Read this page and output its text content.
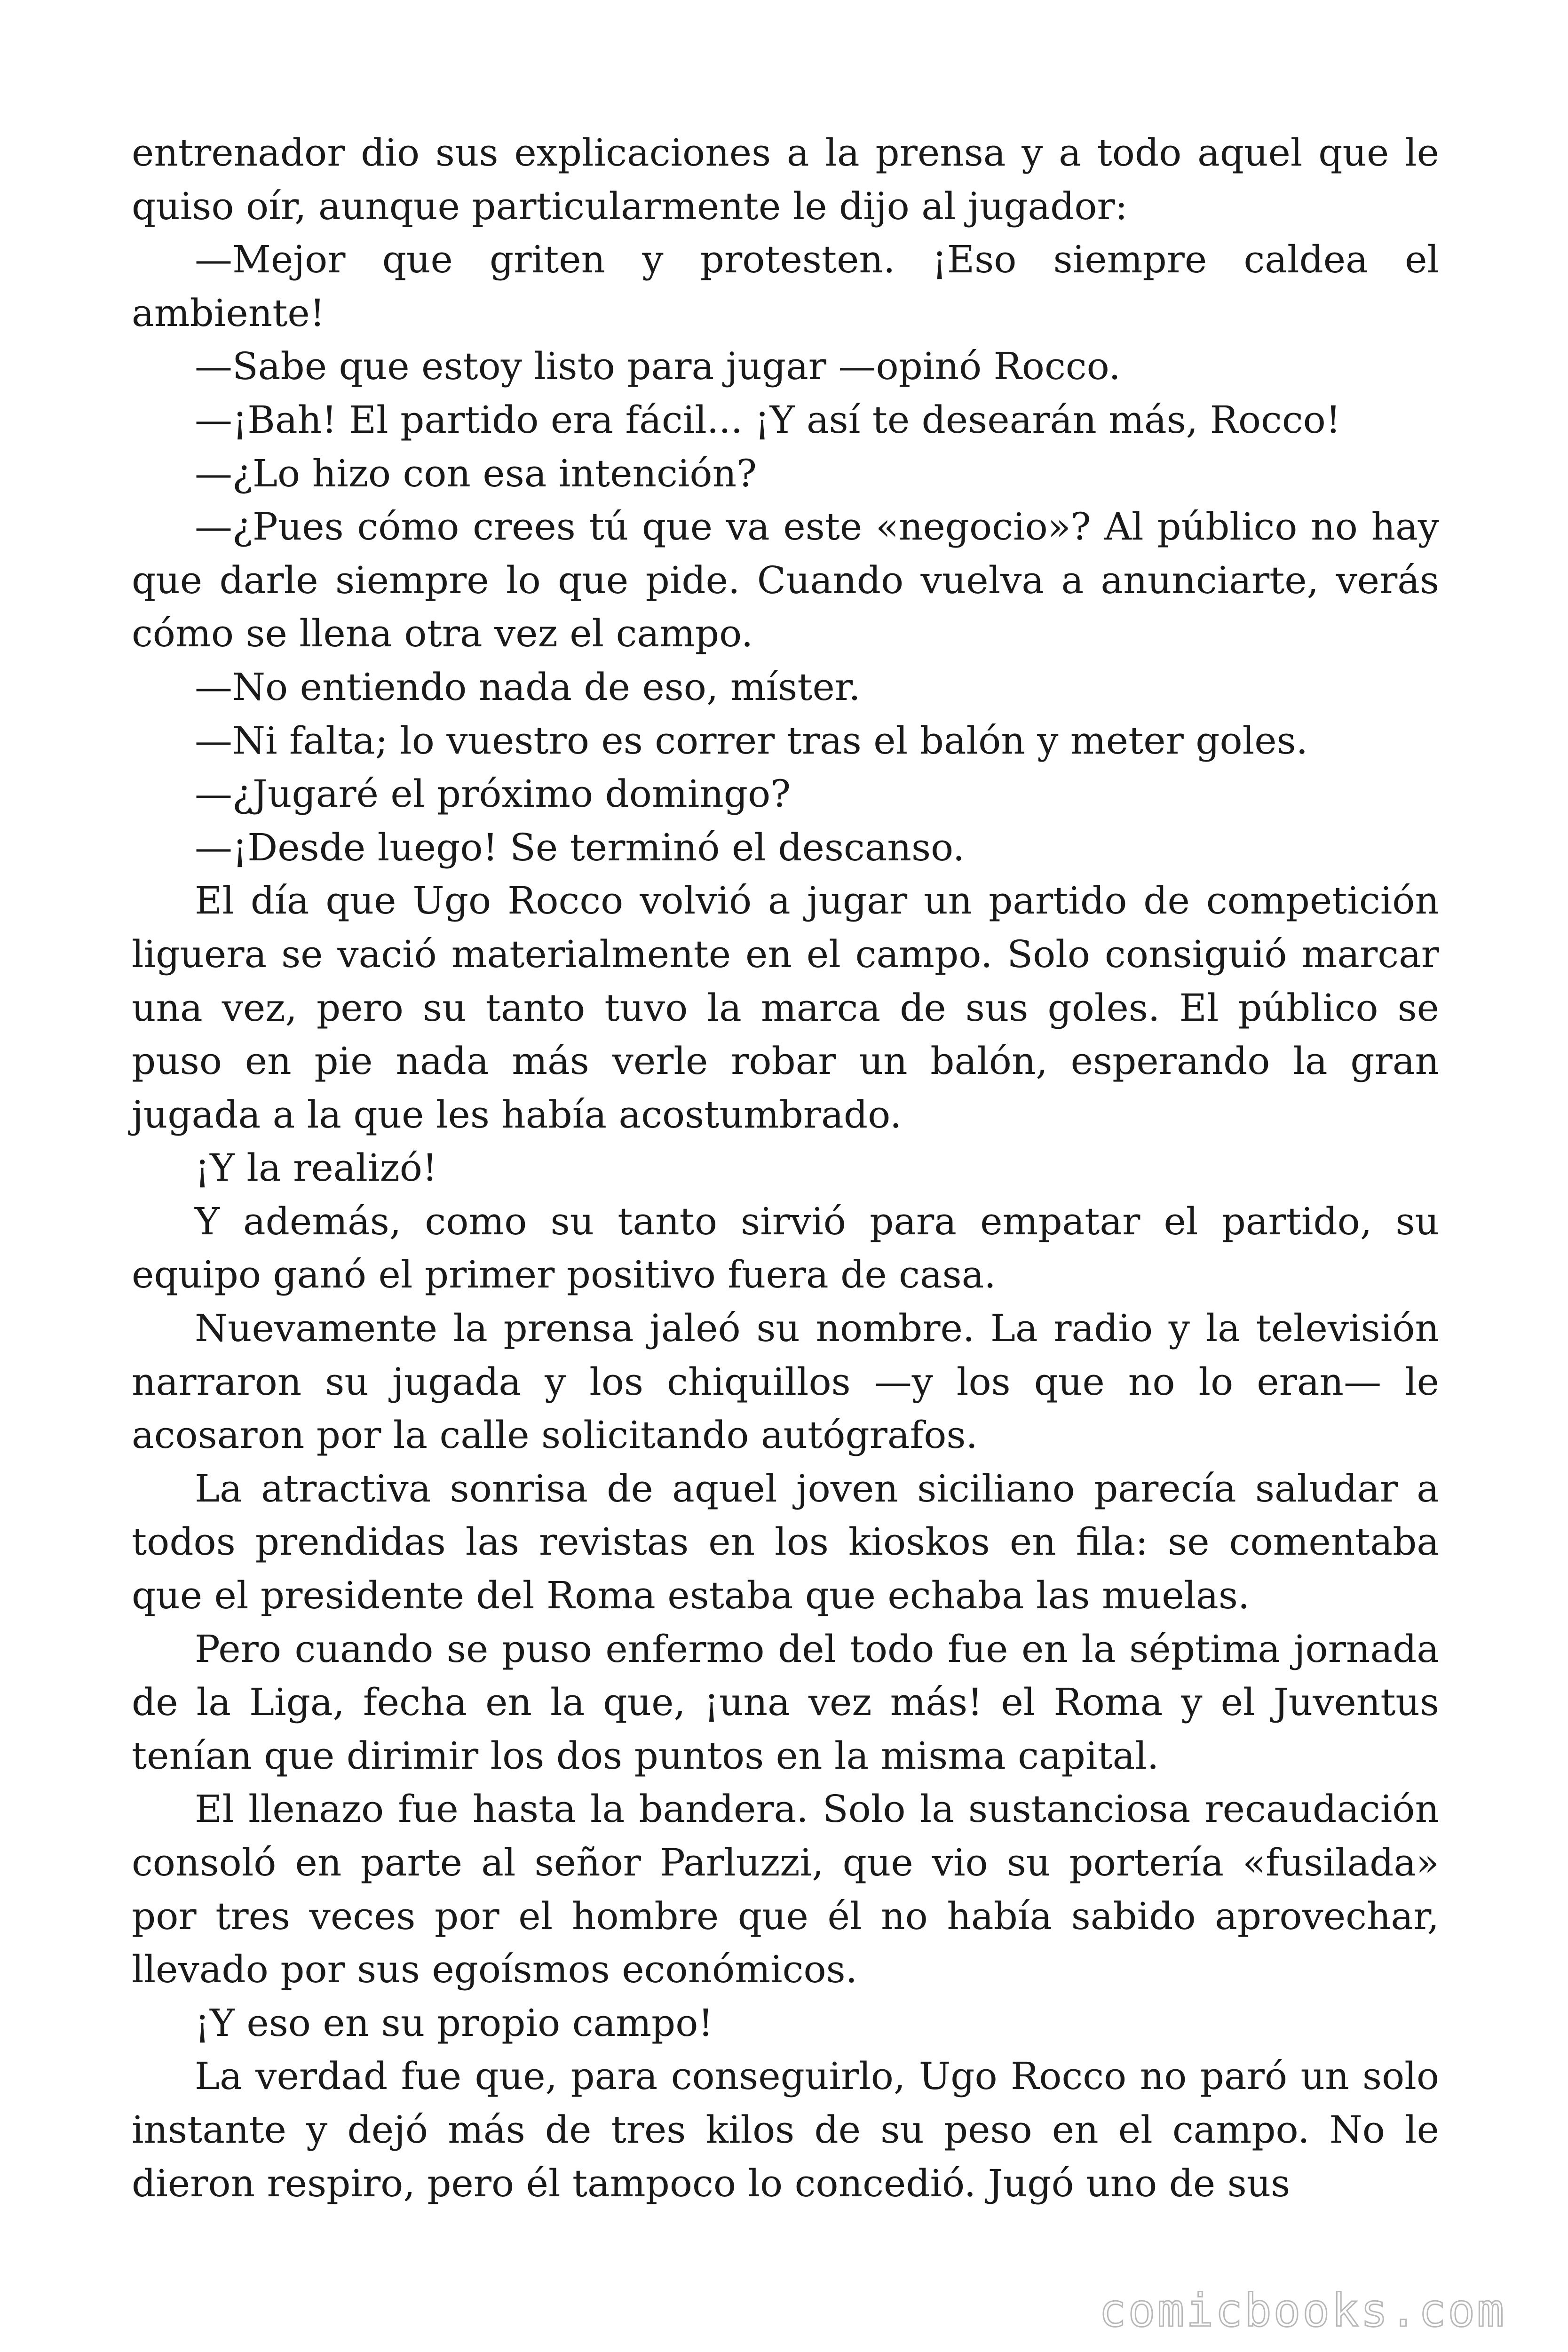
entrenador dio sus explicaciones a la prensa y a todo aquel que le quiso oír, aunque particularmente le dijo al jugador:

—Mejor que griten y protesten. ¡Eso siempre caldea el ambiente!

—Sabe que estoy listo para jugar —opinó Rocco.

—¡Bah! El partido era fácil... ¡Y así te desearán más, Rocco!

—¿Lo hizo con esa intención?

—¿Pues cómo crees tú que va este «negocio»? Al público no hay que darle siempre lo que pide. Cuando vuelva a anunciarte, verás cómo se llena otra vez el campo.

—No entiendo nada de eso, míster.

—Ni falta; lo vuestro es correr tras el balón y meter goles.

—¿Jugaré el próximo domingo?

—¡Desde luego! Se terminó el descanso.

El día que Ugo Rocco volvió a jugar un partido de competición liguera se vació materialmente en el campo. Solo consiguió marcar una vez, pero su tanto tuvo la marca de sus goles. El público se puso en pie nada más verle robar un balón, esperando la gran jugada a la que les había acostumbrado.

¡Y la realizó!

Y además, como su tanto sirvió para empatar el partido, su equipo ganó el primer positivo fuera de casa.

Nuevamente la prensa jaleó su nombre. La radio y la televisión narraron su jugada y los chiquillos —y los que no lo eran— le acosaron por la calle solicitando autógrafos.

La atractiva sonrisa de aquel joven siciliano parecía saludar a todos prendidas las revistas en los kioskos en fila: se comentaba que el presidente del Roma estaba que echaba las muelas.

Pero cuando se puso enfermo del todo fue en la séptima jornada de la Liga, fecha en la que, ¡una vez más! el Roma y el Juventus tenían que dirimir los dos puntos en la misma capital.

El llenazo fue hasta la bandera. Solo la sustanciosa recaudación consoló en parte al señor Parluzzi, que vio su portería «fusilada» por tres veces por el hombre que él no había sabido aprovechar, llevado por sus egoísmos económicos.

¡Y eso en su propio campo!

La verdad fue que, para conseguirlo, Ugo Rocco no paró un solo instante y dejó más de tres kilos de su peso en el campo. No le dieron respiro, pero él tampoco lo concedió. Jugó uno de sus

comicbooks.com
